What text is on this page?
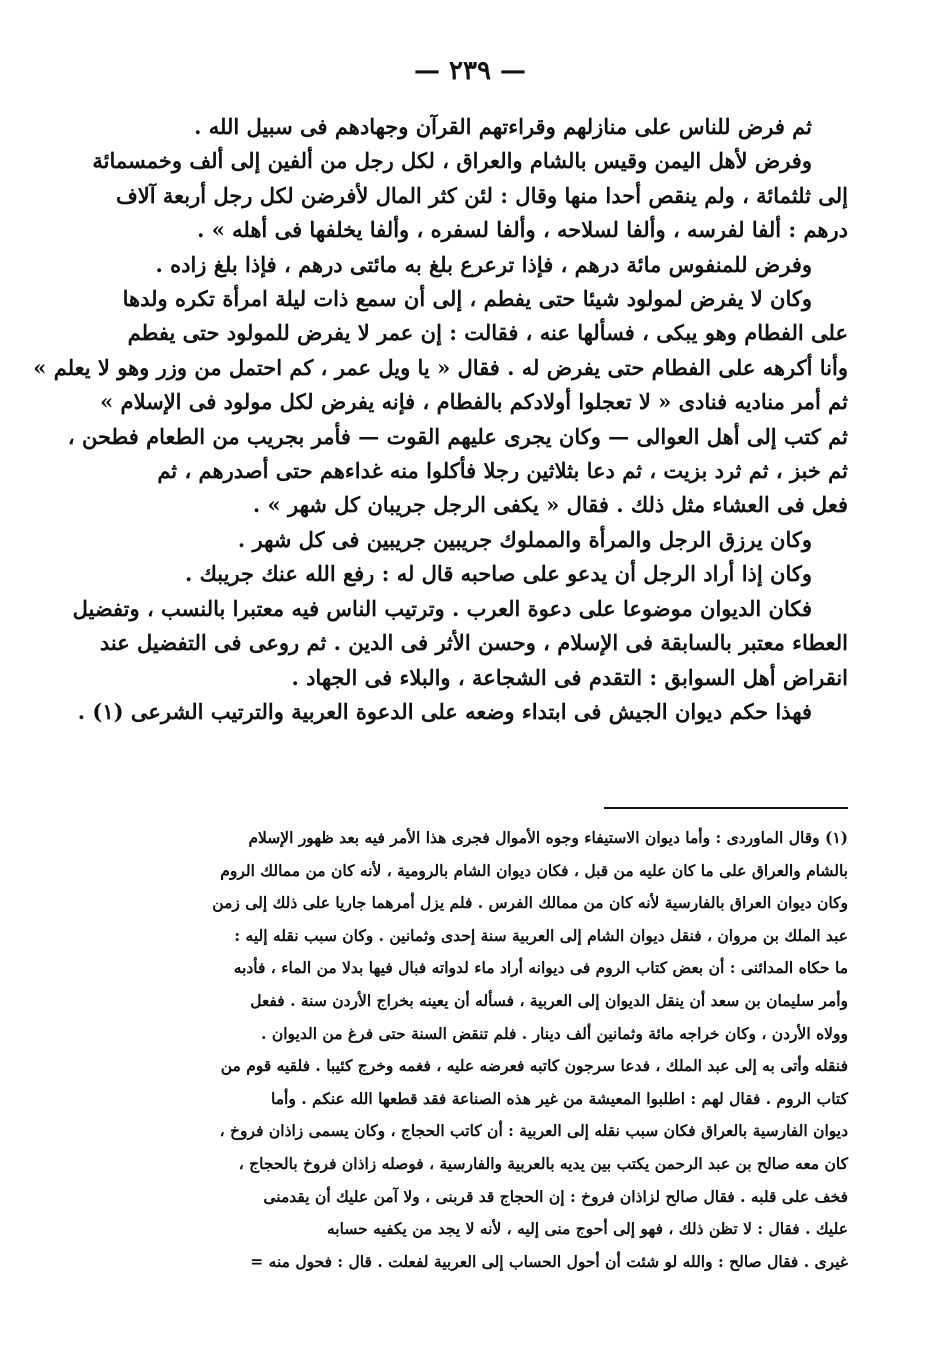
— ٢٣٩ —

ثم فرض للناس على منازلهم وقراءتهم القرآن وجهادهم فى سبيل الله .

وفرض لأهل اليمن وقيس بالشام والعراق ، لكل رجل من ألفين إلى ألف وخمسمائة

إلى ثلثمائة ، ولم ينقص أحدا منها وقال : لئن كثر المال لأفرضن لكل رجل أربعة آلاف

درهم : ألفا لفرسه ، وألفا لسلاحه ، وألفا لسفره ، وألفا يخلفها فى أهله » .

وفرض للمنفوس مائة درهم ، فإذا ترعرع بلغ به مائتى درهم ، فإذا بلغ زاده .

وكان لا يفرض لمولود شيئا حتى يفطم ، إلى أن سمع ذات ليلة امرأة تكره ولدها

على الفطام وهو يبكى ، فسألها عنه ، فقالت : إن عمر لا يفرض للمولود حتى يفطم

وأنا أكرهه على الفطام حتى يفرض له . فقال « يا ويل عمر ، كم احتمل من وزر وهو لا يعلم »

ثم أمر مناديه فنادى « لا تعجلوا أولادكم بالفطام ، فإنه يفرض لكل مولود فى الإسلام »

ثم كتب إلى أهل العوالى — وكان يجرى عليهم القوت — فأمر بجريب من الطعام فطحن ،

ثم خبز ، ثم ثرد بزيت ، ثم دعا بثلاثين رجلا فأكلوا منه غداءهم حتى أصدرهم ، ثم

فعل فى العشاء مثل ذلك . فقال « يكفى الرجل جريبان كل شهر » .

وكان يرزق الرجل والمرأة والمملوك جريبين جريبين فى كل شهر .

وكان إذا أراد الرجل أن يدعو على صاحبه قال له : رفع الله عنك جريبك .

فكان الديوان موضوعا على دعوة العرب . وترتيب الناس فيه معتبرا بالنسب ، وتفضيل

العطاء معتبر بالسابقة فى الإسلام ، وحسن الأثر فى الدين . ثم روعى فى التفضيل عند

انقراض أهل السوابق : التقدم فى الشجاعة ، والبلاء فى الجهاد .

فهذا حكم ديوان الجيش فى ابتداء وضعه على الدعوة العربية والترتيب الشرعى (١) .

(١) وقال الماوردى : وأما ديوان الاستيفاء وجوه الأموال فجرى هذا الأمر فيه بعد ظهور الإسلام

بالشام والعراق على ما كان عليه من قبل ، فكان ديوان الشام بالرومية ، لأنه كان من ممالك الروم

وكان ديوان العراق بالفارسية لأنه كان من ممالك الفرس . فلم يزل أمرهما جاريا على ذلك إلى زمن

عبد الملك بن مروان ، فنقل ديوان الشام إلى العربية سنة إحدى وثمانين . وكان سبب نقله إليه :

ما حكاه المدائنى : أن بعض كتاب الروم فى ديوانه أراد ماء لدواته فبال فيها بدلا من الماء ، فأدبه

وأمر سليمان بن سعد أن ينقل الديوان إلى العربية ، فسأله أن يعينه بخراج الأردن سنة . ففعل

وولاه الأردن ، وكان خراجه مائة وثمانين ألف دينار . فلم تنقض السنة حتى فرغ من الديوان .

فنقله وأتى به إلى عبد الملك ، فدعا سرجون كاتبه فعرضه عليه ، فغمه وخرج كئيبا . فلقيه قوم من

كتاب الروم . فقال لهم : اطلبوا المعيشة من غير هذه الصناعة فقد قطعها الله عنكم . وأما

ديوان الفارسية بالعراق فكان سبب نقله إلى العربية : أن كاتب الحجاج ، وكان يسمى زاذان فروخ ،

كان معه صالح بن عبد الرحمن يكتب بين يديه بالعربية والفارسية ، فوصله زاذان فروخ بالحجاج ،

فخف على قلبه . فقال صالح لزاذان فروخ : إن الحجاج قد قربنى ، ولا آمن عليك أن يقدمنى

عليك . فقال : لا تظن ذلك ، فهو إلى أحوج منى إليه ، لأنه لا يجد من يكفيه حسابه

غيرى . فقال صالح : والله لو شئت أن أحول الحساب إلى العربية لفعلت . قال : فحول منه =
